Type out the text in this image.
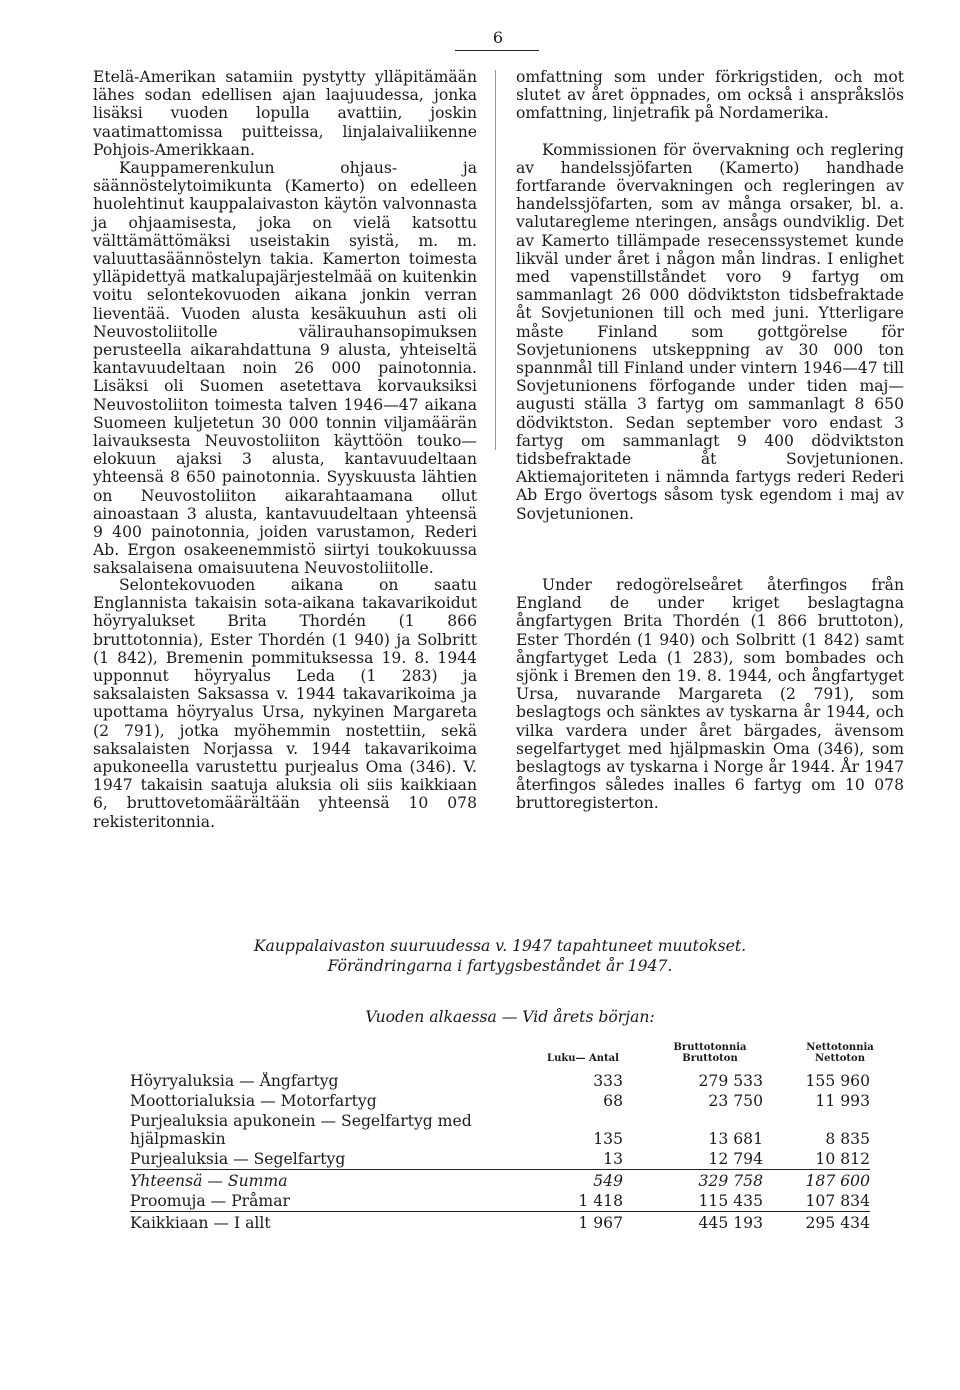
6

Etelä-Amerikan satamiin pystytty ylläpitämään lähes sodan edellisen ajan laajuudessa, jonka lisäksi vuoden lopulla avattiin, joskin vaatimattomissa puitteissa, linjalaivaliikenne Pohjois-Amerikkaan.

Kauppamerenkulun ohjaus- ja säännöstelytoimikunta (Kamerto) on edelleen huolehtinut kauppalaivaston käytön valvonnasta ja ohjaamisesta, joka on vielä katsottu välttämättömäksi useistakin syistä, m. m. valuuttasäännöstelyn takia. Kamerton toimesta ylläpidettyä matkalupajärjestelmää on kuitenkin voitu selontekovuoden aikana jonkin verran lieventää. Vuoden alusta kesäkuuhun asti oli Neuvostoliitolle välirauhansopimuksen perusteella aikarahdattuna 9 alusta, yhteiseltä kantavuudeltaan noin 26 000 painotonnia. Lisäksi oli Suomen asetettava korvauksiksi Neuvostoliiton toimesta talven 1946—47 aikana Suomeen kuljetetun 30 000 tonnin viljamäärän laivauksesta Neuvostoliiton käyttöön touko—elokuun ajaksi 3 alusta, kantavuudeltaan yhteensä 8 650 painotonnia. Syyskuusta lähtien on Neuvostoliiton aikarahtaamana ollut ainoastaan 3 alusta, kantavuudeltaan yhteensä 9 400 painotonnia, joiden varustamon, Rederi Ab. Ergon osakeenemmistö siirtyi toukokuussa saksalaisena omaisuutena Neuvostoliitolle.

Selontekovuoden aikana on saatu Englannista takaisin sota-aikana takavarikoidut höyryalukset Brita Thordén (1 866 bruttotonnia), Ester Thordén (1 940) ja Solbritt (1 842), Bremenin pommituksessa 19. 8. 1944 upponnut höyryalus Leda (1 283) ja saksalaisten Saksassa v. 1944 takavarikoima ja upottama höyryalus Ursa, nykyinen Margareta (2 791), jotka myöhemmin nostettiin, sekä saksalaisten Norjassa v. 1944 takavarikoima apukoneella varustettu purjealus Oma (346). V. 1947 takaisin saatuja aluksia oli siis kaikkiaan 6, bruttovetomäärältään yhteensä 10 078 rekisteritonnia.

omfattning som under förkrigstiden, och mot slutet av året öppnades, om också i anspråkslös omfattning, linjetrafik på Nordamerika.

Kommissionen för övervakning och reglering av handelssjöfarten (Kamerto) handhade fortfarande övervakningen och regleringen av handelssjöfarten, som av många orsaker, bl. a. valutaregleme nteringen, ansågs oundviklig. Det av Kamerto tillämpade resecenssystemet kunde likväl under året i någon mån lindras. I enlighet med vapenstillståndet voro 9 fartyg om sammanlagt 26 000 dödviktston tidsbefraktade åt Sovjetunionen till och med juni. Ytterligare måste Finland som gottgörelse för Sovjetunionens utskeppning av 30 000 ton spannmål till Finland under vintern 1946—47 till Sovjetunionens förfogande under tiden maj—augusti ställa 3 fartyg om sammanlagt 8 650 dödviktston. Sedan september voro endast 3 fartyg om sammanlagt 9 400 dödviktston tidsbefraktade åt Sovjetunionen. Aktiemajoriteten i nämnda fartygs rederi Rederi Ab Ergo övertogs såsom tysk egendom i maj av Sovjetunionen.

Under redogörelseåret återfingos från England de under kriget beslagtagna ångfartygen Brita Thordén (1 866 bruttoton), Ester Thordén (1 940) och Solbritt (1 842) samt ångfartyget Leda (1 283), som bombades och sjönk i Bremen den 19. 8. 1944, och ångfartyget Ursa, nuvarande Margareta (2 791), som beslagtogs och sänktes av tyskarna år 1944, och vilka vardera under året bärgades, ävensom segelfartyget med hjälpmaskin Oma (346), som beslagtogs av tyskarna i Norge år 1944. År 1947 återfingos således inalles 6 fartyg om 10 078 bruttoregisterton.

Kauppalaivaston suuruudessa v. 1947 tapahtuneet muutokset.
Förändringarna i fartygsbeståndet år 1947.
Vuoden alkaessa — Vid årets början:
Luku— Antal
Bruttotonnia
Bruttoton
Nettotonnia
Nettoton
Höyryaluksia — Ångfartyg .....	333	279 533	155 960
Moottorialuksia — Motorfartyg .....	68	23 750	11 993
Purjealuksia apukonein — Segelfartyg med
hjälpmaskin .....	135	13 681	8 835
Purjealuksia — Segelfartyg .....	13	12 794	10 812
Yhteensä — Summa .....	549	329 758	187 600
Proomuja — Pråmar .....	1 418	115 435	107 834
Kaikkiaan — I allt .....	1 967	445 193	295 434
